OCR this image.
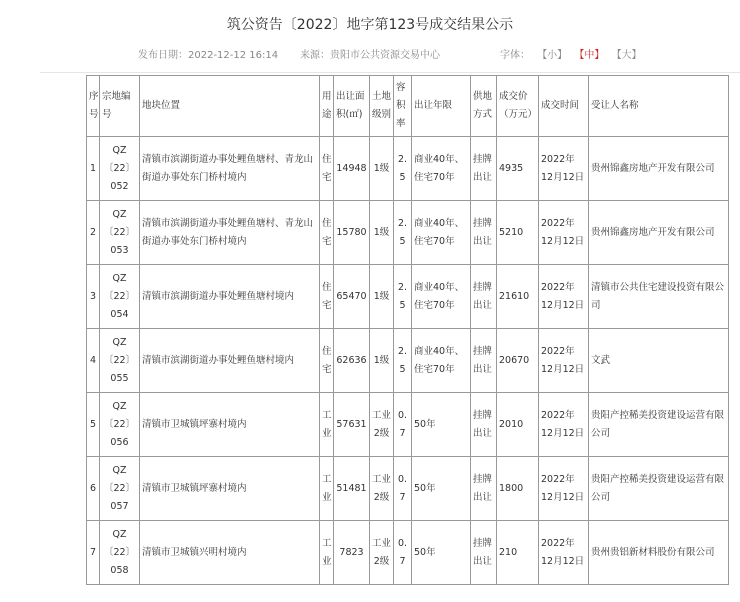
筑公资告〔2022〕地字第123号成交结果公示
发布日期：2022-12-12 16:14 来源：贵阳市公共资源交易中心	字体： 【小】 【中】 【大】
序号	宗地编号	地块位置	用途	出让面积(㎡)	土地级别	容积率	出让年限	供地方式	成交价（万元）	成交时间	受让人名称
1	QZ〔22〕052	清镇市滨湖街道办事处鲤鱼塘村、青龙山街道办事处东门桥村境内	住宅	14948	1级	2.5	商业40年、住宅70年	挂牌出让	4935	2022年12月12日	贵州锦鑫房地产开发有限公司
2	QZ〔22〕053	清镇市滨湖街道办事处鲤鱼塘村、青龙山街道办事处东门桥村境内	住宅	15780	1级	2.5	商业40年、住宅70年	挂牌出让	5210	2022年12月12日	贵州锦鑫房地产开发有限公司
3	QZ〔22〕054	清镇市滨湖街道办事处鲤鱼塘村境内	住宅	65470	1级	2.5	商业40年、住宅70年	挂牌出让	21610	2022年12月12日	清镇市公共住宅建设投资有限公司
4	QZ〔22〕055	清镇市滨湖街道办事处鲤鱼塘村境内	住宅	62636	1级	2.5	商业40年、住宅70年	挂牌出让	20670	2022年12月12日	文武
5	QZ〔22〕056	清镇市卫城镇坪寨村境内	工业	57631	工业2级	0.7	50年	挂牌出让	2010	2022年12月12日	贵阳产控稀美投资建设运营有限公司
6	QZ〔22〕057	清镇市卫城镇坪寨村境内	工业	51481	工业2级	0.7	50年	挂牌出让	1800	2022年12月12日	贵阳产控稀美投资建设运营有限公司
7	QZ〔22〕058	清镇市卫城镇兴明村境内	工业	7823	工业2级	0.7	50年	挂牌出让	210	2022年12月12日	贵州贵铝新材料股份有限公司
